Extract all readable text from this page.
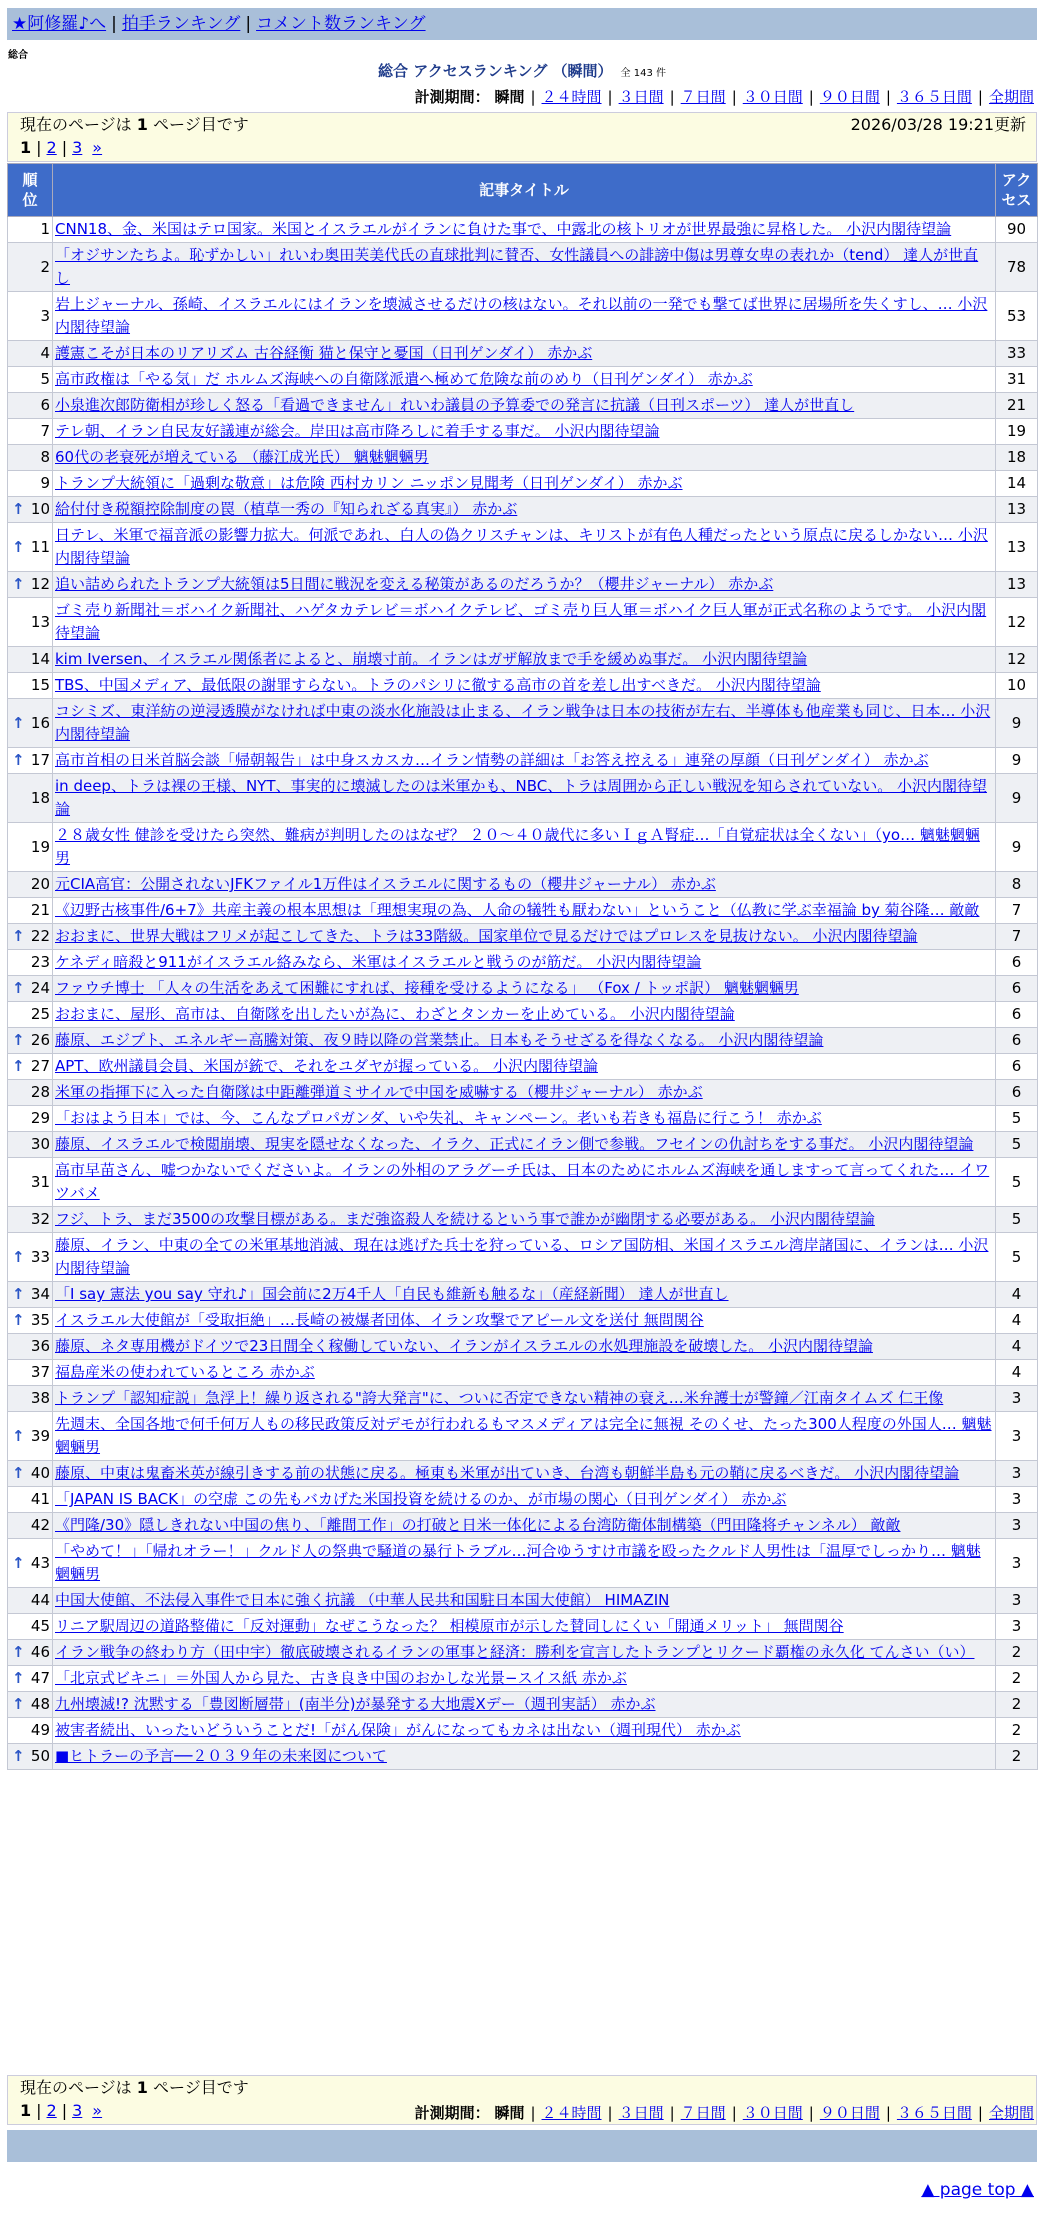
★阿修羅♪へ | 拍手ランキング | コメント数ランキング
総合
総合 アクセスランキング （瞬間） 全 143 件
計測期間： 瞬間 | ２４時間 | ３日間 | ７日間 | ３０日間 | ９０日間 | ３６５日間 | 全期間
現在のページは 1 ページ目です	2026/03/28 19:21更新
1 | 2 | 3 »
順位	記事タイトル	アクセス
1	CNN18、金、米国はテロ国家。米国とイスラエルがイランに負けた事で、中露北の核トリオが世界最強に昇格した。 小沢内閣待望論	90
2	「オジサンたちよ。恥ずかしい」れいわ奥田芙美代氏の直球批判に賛否、女性議員への誹謗中傷は男尊女卑の表れか（tend） 達人が世直し	78
3	岩上ジャーナル、孫崎、イスラエルにはイランを壊滅させるだけの核はない。それ以前の一発でも撃てば世界に居場所を失くすし、… 小沢内閣待望論	53
4	護憲こそが日本のリアリズム 古谷経衡 猫と保守と憂国（日刊ゲンダイ） 赤かぶ	33
5	高市政権は「やる気」だ ホルムズ海峡への自衛隊派遣へ極めて危険な前のめり（日刊ゲンダイ） 赤かぶ	31
6	小泉進次郎防衛相が珍しく怒る「看過できません」れいわ議員の予算委での発言に抗議（日刊スポーツ） 達人が世直し	21
7	テレ朝、イラン自民友好議連が総会。岸田は高市降ろしに着手する事だ。 小沢内閣待望論	19
8	60代の老衰死が増えている （藤江成光氏） 魑魅魍魎男	18
9	トランプ大統領に「過剰な敬意」は危険 西村カリン ニッポン見聞考（日刊ゲンダイ） 赤かぶ	14

↑ 10	給付付き税額控除制度の罠（植草一秀の『知られざる真実』） 赤かぶ	13

↑ 11	日テレ、米軍で福音派の影響力拡大。何派であれ、白人の偽クリスチャンは、キリストが有色人種だったという原点に戻るしかない… 小沢内閣待望論	13

↑ 12	追い詰められたトランプ大統領は5日間に戦況を変える秘策があるのだろうか？（櫻井ジャーナル） 赤かぶ	13
13	ゴミ売り新聞社＝ボハイク新聞社、ハゲタカテレビ＝ボハイクテレビ、ゴミ売り巨人軍＝ボハイク巨人軍が正式名称のようです。 小沢内閣待望論	12
14	kim Iversen、イスラエル関係者によると、崩壊寸前。イランはガザ解放まで手を緩めぬ事だ。 小沢内閣待望論	12
15	TBS、中国メディア、最低限の謝罪すらない。トラのパシリに徹する高市の首を差し出すべきだ。 小沢内閣待望論	10

↑ 16	コシミズ、東洋紡の逆浸透膜がなければ中東の淡水化施設は止まる、イラン戦争は日本の技術が左右、半導体も他産業も同じ、日本… 小沢内閣待望論	9

↑ 17	高市首相の日米首脳会談「帰朝報告」は中身スカスカ…イラン情勢の詳細は「お答え控える」連発の厚顔（日刊ゲンダイ） 赤かぶ	9
18	in deep、トラは裸の王様、NYT、事実的に壊滅したのは米軍かも、NBC、トラは周囲から正しい戦況を知らされていない。 小沢内閣待望論	9
19	２８歳女性 健診を受けたら突然、難病が判明したのはなぜ？ ２０～４０歳代に多いＩｇＡ腎症…「自覚症状は全くない」（yo… 魑魅魍魎男	9
20	元CIA高官：公開されないJFKファイル1万件はイスラエルに関するもの（櫻井ジャーナル） 赤かぶ	8
21	《辺野古核事件/6+7》共産主義の根本思想は「理想実現の為、人命の犠牲も厭わない」ということ（仏教に学ぶ幸福論 by 菊谷隆… 敵敵	7

↑ 22	おおまに、世界大戦はフリメが起こしてきた、トラは33階級。国家単位で見るだけではプロレスを見抜けない。 小沢内閣待望論	7
23	ケネディ暗殺と911がイスラエル絡みなら、米軍はイスラエルと戦うのが筋だ。 小沢内閣待望論	6

↑ 24	ファウチ博士 「人々の生活をあえて困難にすれば、接種を受けるようになる」 （Fox / トッポ訳） 魑魅魍魎男	6
25	おおまに、屋形、高市は、自衛隊を出したいが為に、わざとタンカーを止めている。 小沢内閣待望論	6

↑ 26	藤原、エジプト、エネルギー高騰対策、夜９時以降の営業禁止。日本もそうせざるを得なくなる。 小沢内閣待望論	6

↑ 27	APT、欧州議員会員、米国が銃で、それをユダヤが握っている。 小沢内閣待望論	6
28	米軍の指揮下に入った自衛隊は中距離弾道ミサイルで中国を威嚇する（櫻井ジャーナル） 赤かぶ	6
29	「おはよう日本」では、今、こんなプロパガンダ、いや失礼、キャンペーン。老いも若きも福島に行こう！ 赤かぶ	5
30	藤原、イスラエルで検閲崩壊、現実を隠せなくなった、イラク、正式にイラン側で参戦。フセインの仇討ちをする事だ。 小沢内閣待望論	5
31	高市早苗さん、嘘つかないでくださいよ。イランの外相のアラグーチ氏は、日本のためにホルムズ海峡を通しますって言ってくれた… イワツバメ	5
32	フジ、トラ、まだ3500の攻撃目標がある。まだ強盗殺人を続けるという事で誰かが幽閉する必要がある。 小沢内閣待望論	5

↑ 33	藤原、イラン、中東の全ての米軍基地消滅、現在は逃げた兵士を狩っている、ロシア国防相、米国イスラエル湾岸諸国に、イランは… 小沢内閣待望論	5

↑ 34	「I say 憲法 you say 守れ♪」国会前に2万4千人「自民も維新も触るな」（産経新聞） 達人が世直し	4

↑ 35	イスラエル大使館が「受取拒絶」…長崎の被爆者団体、イラン攻撃でアピール文を送付 無問関谷	4
36	藤原、ネタ専用機がドイツで23日間全く稼働していない、イランがイスラエルの水処理施設を破壊した。 小沢内閣待望論	4
37	福島産米の使われているところ 赤かぶ	4
38	トランプ「認知症説」急浮上！繰り返される"誇大発言"に、ついに否定できない精神の衰え…米弁護士が警鐘／江南タイムズ 仁王像	3

↑ 39	先週末、全国各地で何千何万人もの移民政策反対デモが行われるもマスメディアは完全に無視 そのくせ、たった300人程度の外国人… 魑魅魍魎男	3

↑ 40	藤原、中東は鬼畜米英が線引きする前の状態に戻る。極東も米軍が出ていき、台湾も朝鮮半島も元の鞘に戻るべきだ。 小沢内閣待望論	3
41	「JAPAN IS BACK」の空虚 この先もバカげた米国投資を続けるのか、が市場の関心（日刊ゲンダイ） 赤かぶ	3
42	《門隆/30》隠しきれない中国の焦り、「離間工作」の打破と日米一体化による台湾防衛体制構築（門田隆将チャンネル） 敵敵	3

↑ 43	「やめて！」「帰れオラー！」クルド人の祭典で騒道の暴行トラブル…河合ゆうすけ市議を殴ったクルド人男性は「温厚でしっかり… 魑魅魍魎男	3
44	中国大使館、不法侵入事件で日本に強く抗議 （中華人民共和国駐日本国大使館） HIMAZIN	3
45	リニア駅周辺の道路整備に「反対運動」なぜこうなった？ 相模原市が示した賛同しにくい「開通メリット」 無問関谷	3

↑ 46	イラン戦争の終わり方（田中宇）徹底破壊されるイランの軍事と経済：勝利を宣言したトランプとリクード覇権の永久化 てんさい（い）	2

↑ 47	「北京式ビキニ」＝外国人から見た、古き良き中国のおかしな光景−スイス紙 赤かぶ	2

↑ 48	九州壊滅!? 沈黙する「豊図断層帯」(南半分)が暴発する大地震Xデー（週刊実話） 赤かぶ	2
49	被害者続出、いったいどういうことだ!「がん保険」がんになってもカネは出ない（週刊現代） 赤かぶ	2

↑ 50	■ヒトラーの予言──２０３９年の未来図について	2
現在のページは 1 ページ目です
1 | 2 | 3 »	計測期間： 瞬間 | ２４時間 | ３日間 | ７日間 | ３０日間 | ９０日間 | ３６５日間 | 全期間
▲ page top ▲
